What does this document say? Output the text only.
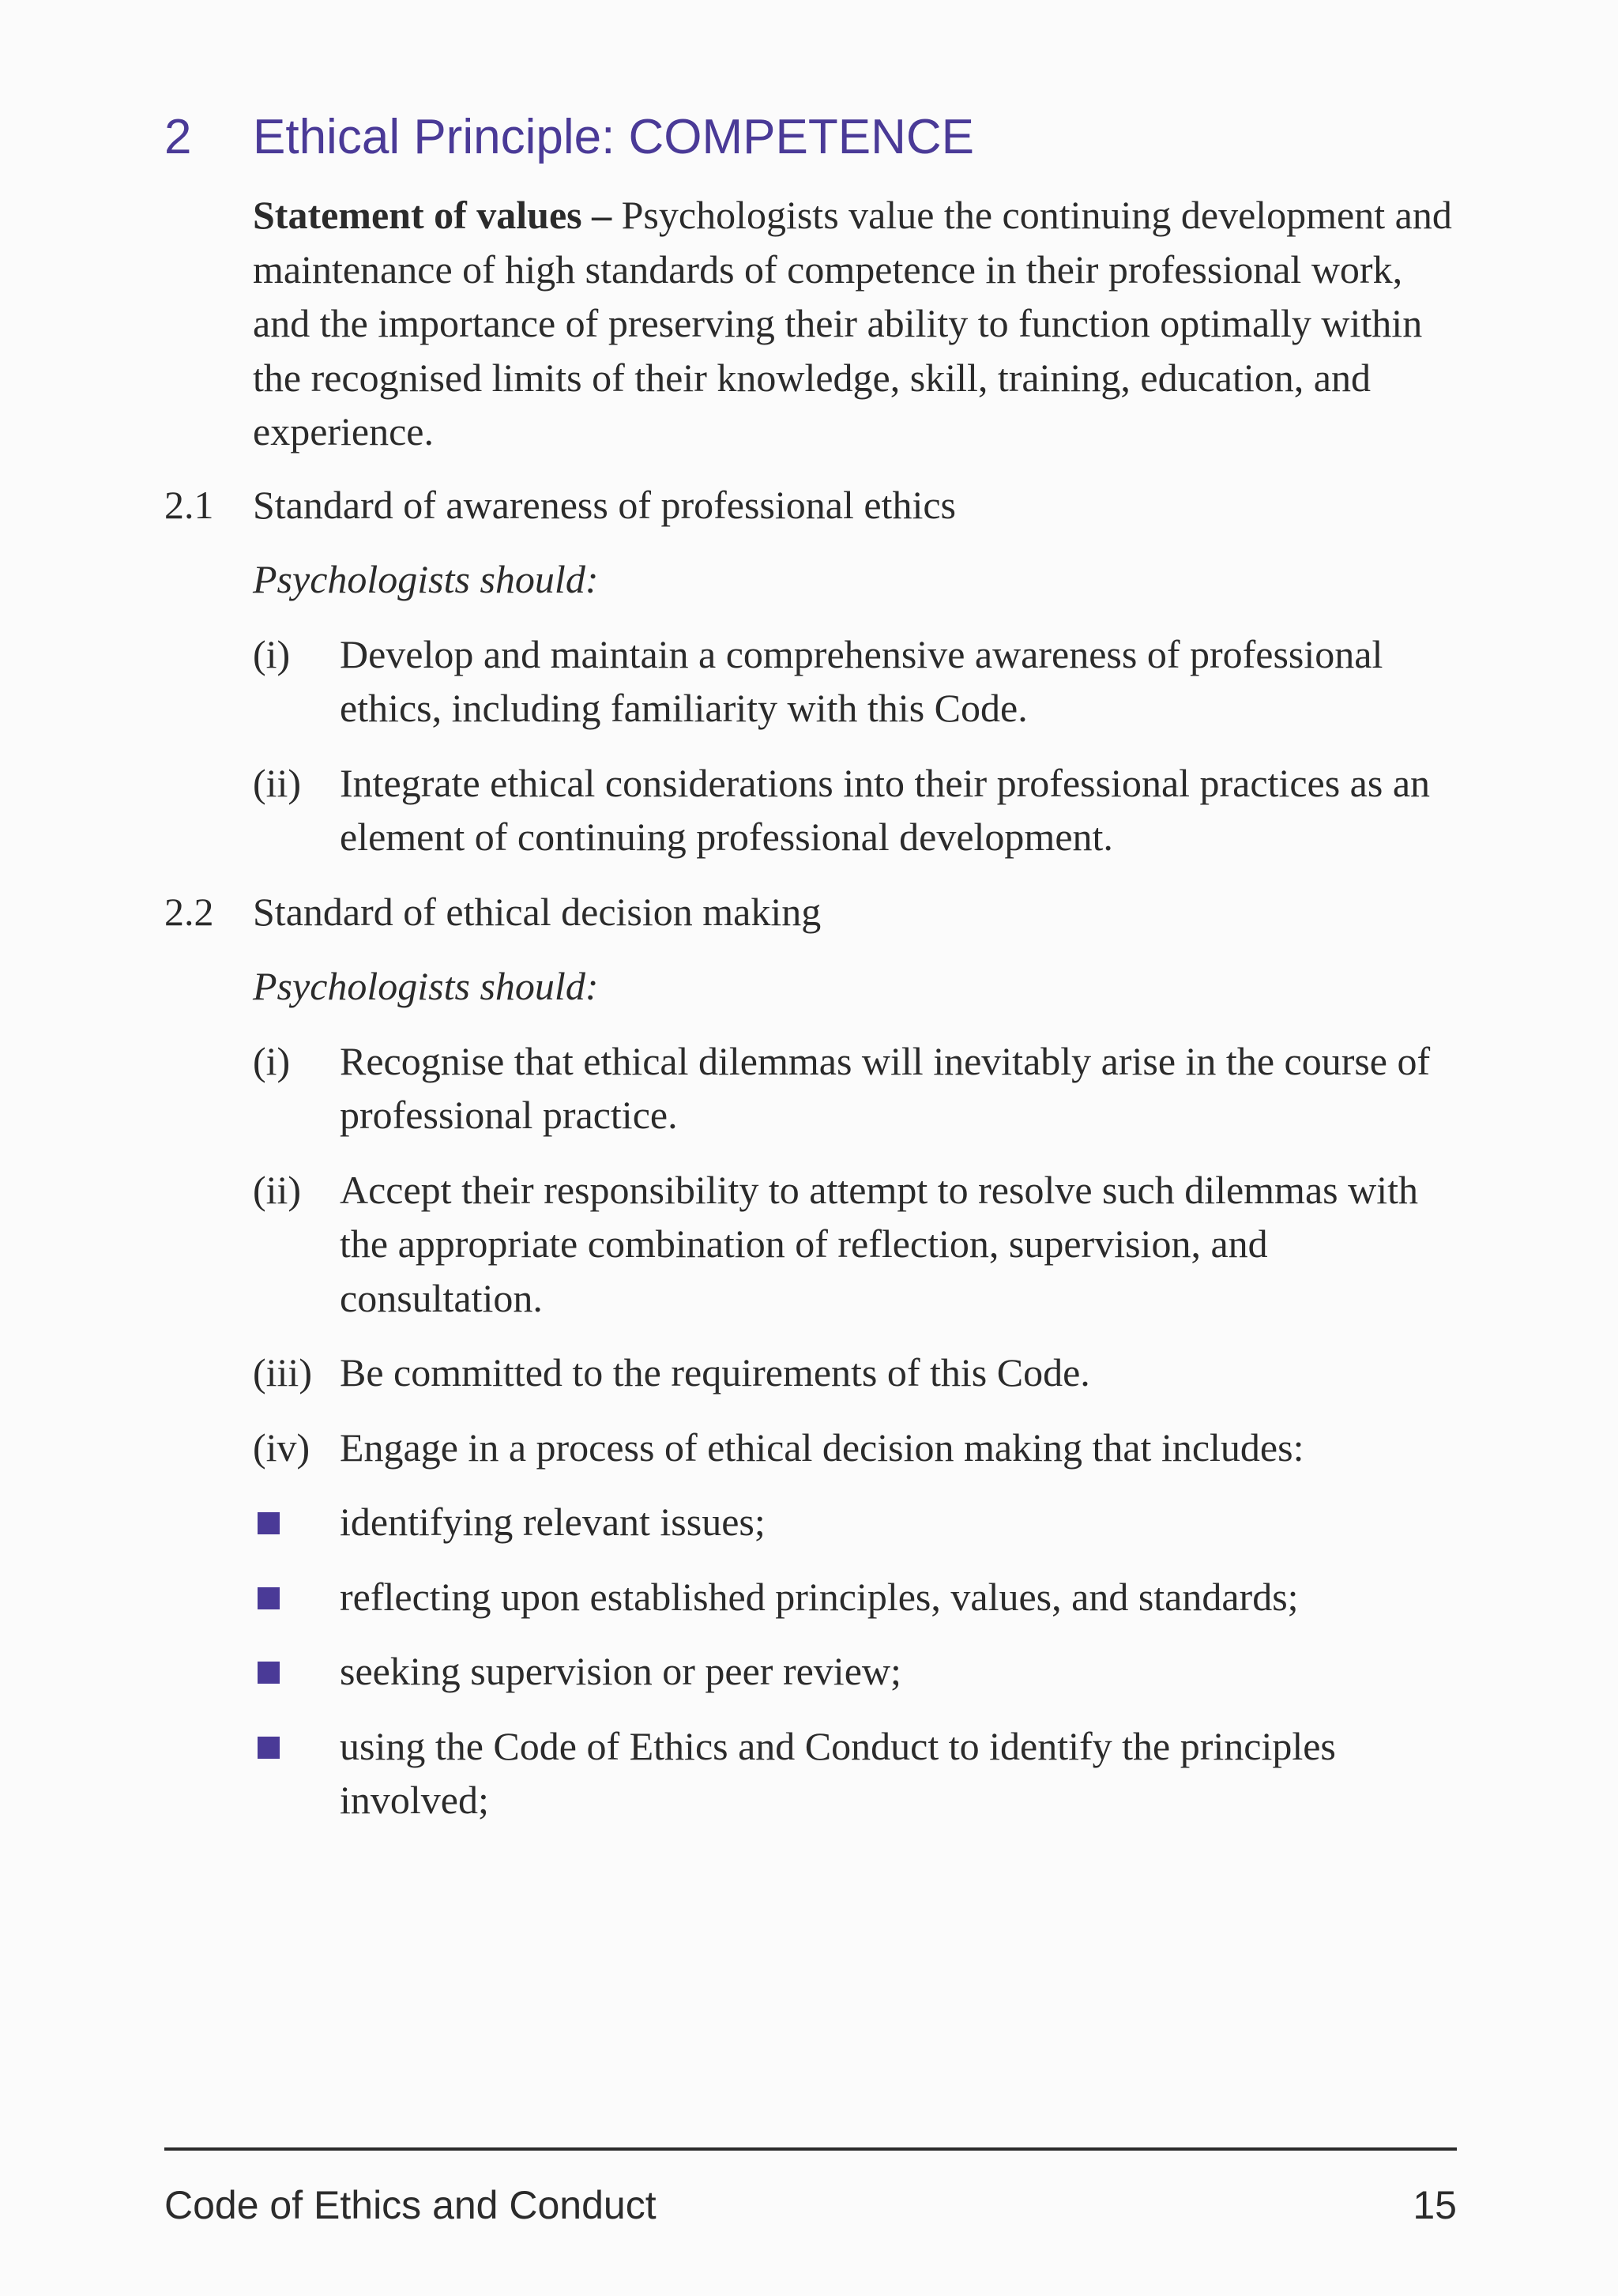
2 Ethical Principle: COMPETENCE

Statement of values – Psychologists value the continuing development and maintenance of high standards of competence in their professional work, and the importance of preserving their ability to function optimally within the recognised limits of their knowledge, skill, training, education, and experience.

2.1 Standard of awareness of professional ethics
Psychologists should:
(i)	Develop and maintain a comprehensive awareness of professional ethics, including familiarity with this Code.
(ii) Integrate ethical considerations into their professional practices as an element of continuing professional development.
2.2 Standard of ethical decision making
Psychologists should:
(i)	Recognise that ethical dilemmas will inevitably arise in the course of professional practice.
(ii) Accept their responsibility to attempt to resolve such dilemmas with the appropriate combination of reflection, supervision, and consultation.
(iii) Be committed to the requirements of this Code.
(iv) Engage in a process of ethical decision making that includes:
identifying relevant issues;
reflecting upon established principles, values, and standards;
seeking supervision or peer review;
using the Code of Ethics and Conduct to identify the principles involved;
Code of Ethics and Conduct	15
